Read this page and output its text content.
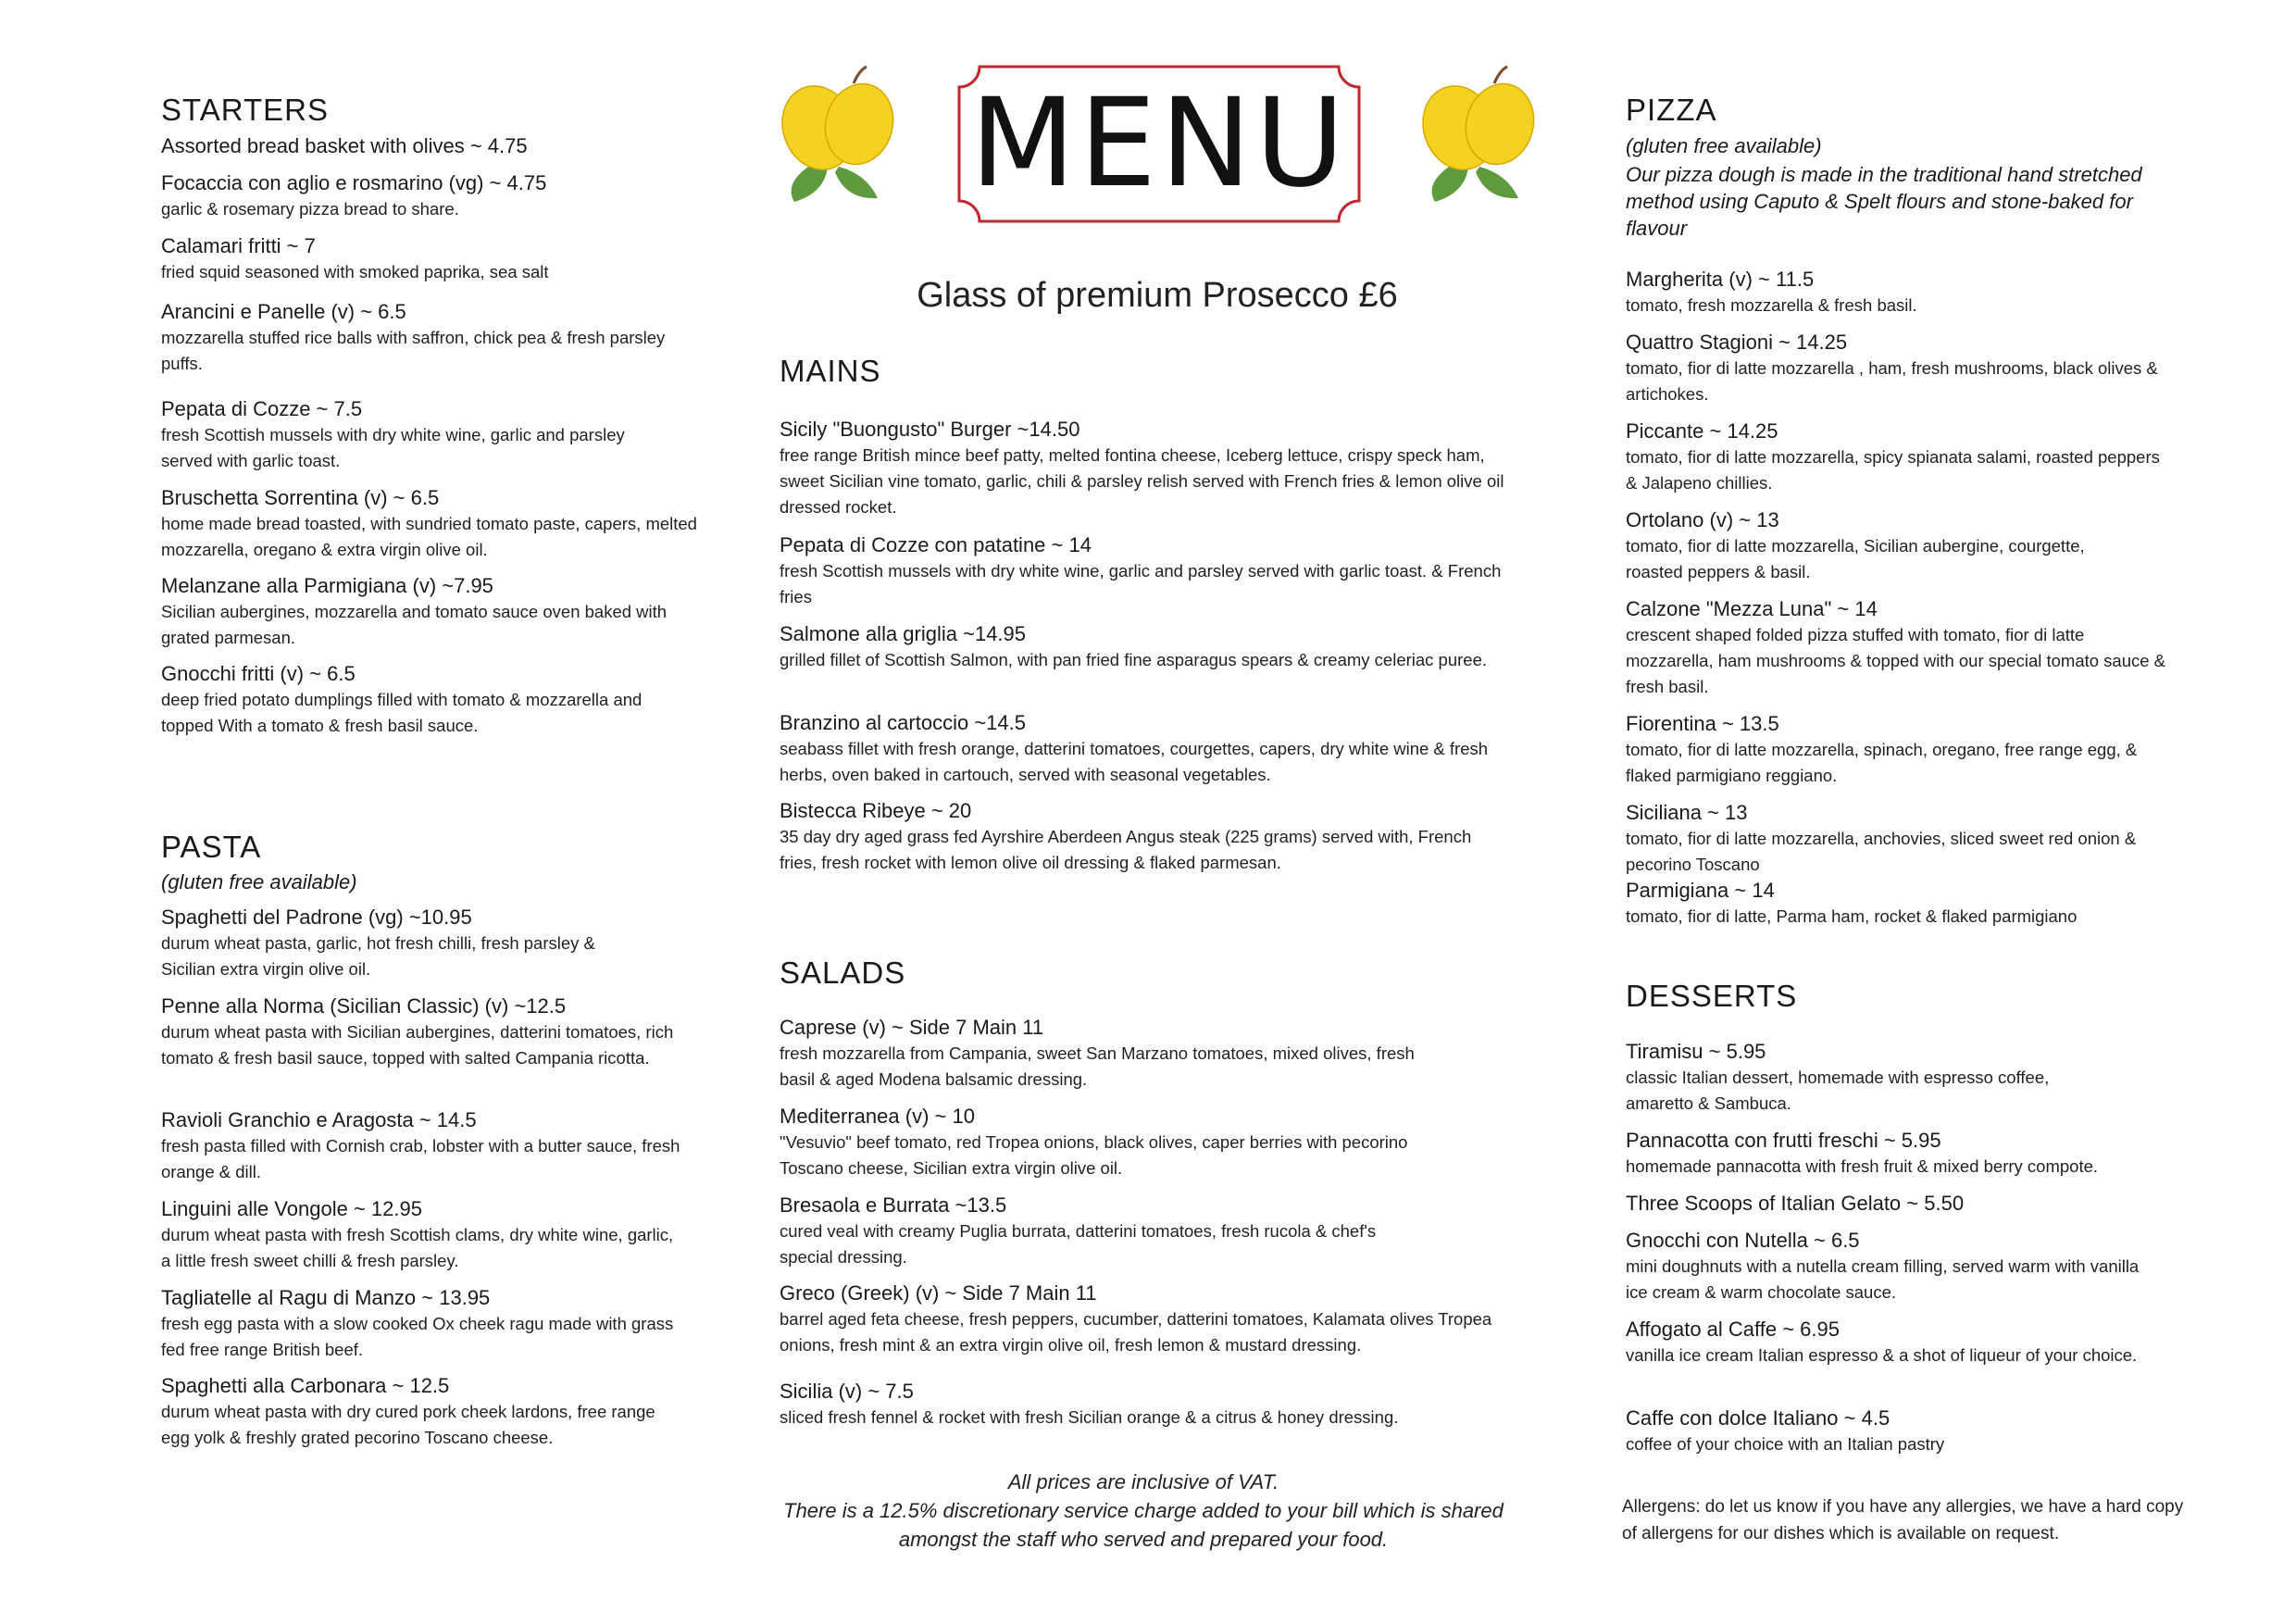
STARTERS
Assorted bread basket with olives ~ 4.75
Focaccia con aglio e rosmarino (vg) ~ 4.75
garlic & rosemary pizza bread to share.
Calamari fritti ~ 7
fried squid seasoned with smoked paprika, sea salt
Arancini e Panelle (v) ~ 6.5
mozzarella stuffed rice balls with saffron, chick pea & fresh parsley puffs.
Pepata di Cozze ~ 7.5
fresh Scottish mussels with dry white wine, garlic and parsley served with garlic toast.
Bruschetta Sorrentina (v) ~ 6.5
home made bread toasted, with sundried tomato paste, capers, melted mozzarella, oregano & extra virgin olive oil.
Melanzane alla Parmigiana (v) ~7.95
Sicilian aubergines, mozzarella and tomato sauce oven baked with grated parmesan.
Gnocchi fritti (v) ~ 6.5
deep fried potato dumplings filled with tomato & mozzarella and topped With a tomato & fresh basil sauce.
PASTA
(gluten free available)
Spaghetti del Padrone (vg) ~10.95
durum wheat pasta, garlic, hot fresh chilli, fresh parsley & Sicilian extra virgin olive oil.
Penne alla Norma (Sicilian Classic) (v) ~12.5
durum wheat pasta with Sicilian aubergines, datterini tomatoes, rich tomato & fresh basil sauce, topped with salted Campania ricotta.
Ravioli Granchio e Aragosta ~ 14.5
fresh pasta filled with Cornish crab, lobster with a butter sauce, fresh orange & dill.
Linguini alle Vongole ~ 12.95
durum wheat pasta with fresh Scottish clams, dry white wine, garlic, a little fresh sweet chilli & fresh parsley.
Tagliatelle al Ragu di Manzo ~ 13.95
fresh egg pasta with a slow cooked Ox cheek ragu made with grass fed free range British beef.
Spaghetti alla Carbonara ~ 12.5
durum wheat pasta with dry cured pork cheek lardons, free range egg yolk & freshly grated pecorino Toscano cheese.
MENU
Glass of premium Prosecco £6
MAINS
Sicily "Buongusto" Burger ~14.50
free range British mince beef patty, melted fontina cheese, Iceberg lettuce, crispy speck ham, sweet Sicilian vine tomato, garlic, chili & parsley relish served with French fries & lemon olive oil dressed rocket.
Pepata di Cozze con patatine ~ 14
fresh Scottish mussels with dry white wine, garlic and parsley served with garlic toast. & French fries
Salmone alla griglia ~14.95
grilled fillet of Scottish Salmon, with pan fried fine asparagus spears & creamy celeriac puree.
Branzino al cartoccio ~14.5
seabass fillet with fresh orange, datterini tomatoes, courgettes, capers, dry white wine & fresh herbs, oven baked in cartouch, served with seasonal vegetables.
Bistecca Ribeye ~ 20
35 day dry aged grass fed Ayrshire Aberdeen Angus steak (225 grams) served with, French fries, fresh rocket with lemon olive oil dressing & flaked parmesan.
SALADS
Caprese (v) ~ Side 7 Main 11
fresh mozzarella from Campania, sweet San Marzano tomatoes, mixed olives, fresh basil & aged Modena balsamic dressing.
Mediterranea (v) ~ 10
"Vesuvio" beef tomato, red Tropea onions, black olives, caper berries with pecorino Toscano cheese, Sicilian extra virgin olive oil.
Bresaola e Burrata ~13.5
cured veal with creamy Puglia burrata, datterini tomatoes, fresh rucola & chef's special dressing.
Greco (Greek) (v) ~ Side 7 Main 11
barrel aged feta cheese, fresh peppers, cucumber, datterini tomatoes, Kalamata olives Tropea onions, fresh mint & an extra virgin olive oil, fresh lemon & mustard dressing.
Sicilia (v) ~ 7.5
sliced fresh fennel & rocket with fresh Sicilian orange & a citrus & honey dressing.
All prices are inclusive of VAT.
There is a 12.5% discretionary service charge added to your bill which is shared amongst the staff who served and prepared your food.
PIZZA
(gluten free available)
Our pizza dough is made in the traditional hand stretched method using Caputo & Spelt flours and stone-baked for flavour
Margherita (v) ~ 11.5
tomato, fresh mozzarella & fresh basil.
Quattro Stagioni ~ 14.25
tomato, fior di latte mozzarella , ham, fresh mushrooms, black olives & artichokes.
Piccante ~ 14.25
tomato, fior di latte mozzarella, spicy spianata salami, roasted peppers & Jalapeno chillies.
Ortolano (v) ~ 13
tomato, fior di latte mozzarella, Sicilian aubergine, courgette, roasted peppers & basil.
Calzone "Mezza Luna" ~ 14
crescent shaped folded pizza stuffed with tomato, fior di latte mozzarella, ham mushrooms & topped with our special tomato sauce & fresh basil.
Fiorentina ~ 13.5
tomato, fior di latte mozzarella, spinach, oregano, free range egg, & flaked parmigiano reggiano.
Siciliana ~ 13
tomato, fior di latte mozzarella, anchovies, sliced sweet red onion & pecorino Toscano
Parmigiana ~ 14
tomato, fior di latte, Parma ham, rocket & flaked parmigiano
DESSERTS
Tiramisu ~ 5.95
classic Italian dessert, homemade with espresso coffee, amaretto & Sambuca.
Pannacotta con frutti freschi ~ 5.95
homemade pannacotta with fresh fruit & mixed berry compote.
Three Scoops of Italian Gelato ~ 5.50
Gnocchi con Nutella ~ 6.5
mini doughnuts with a nutella cream filling, served warm with vanilla ice cream & warm chocolate sauce.
Affogato al Caffe ~ 6.95
vanilla ice cream Italian espresso & a shot of liqueur of your choice.
Caffe con dolce Italiano ~ 4.5
coffee of your choice with an Italian pastry
Allergens: do let us know if you have any allergies, we have a hard copy of allergens for our dishes which is available on request.
